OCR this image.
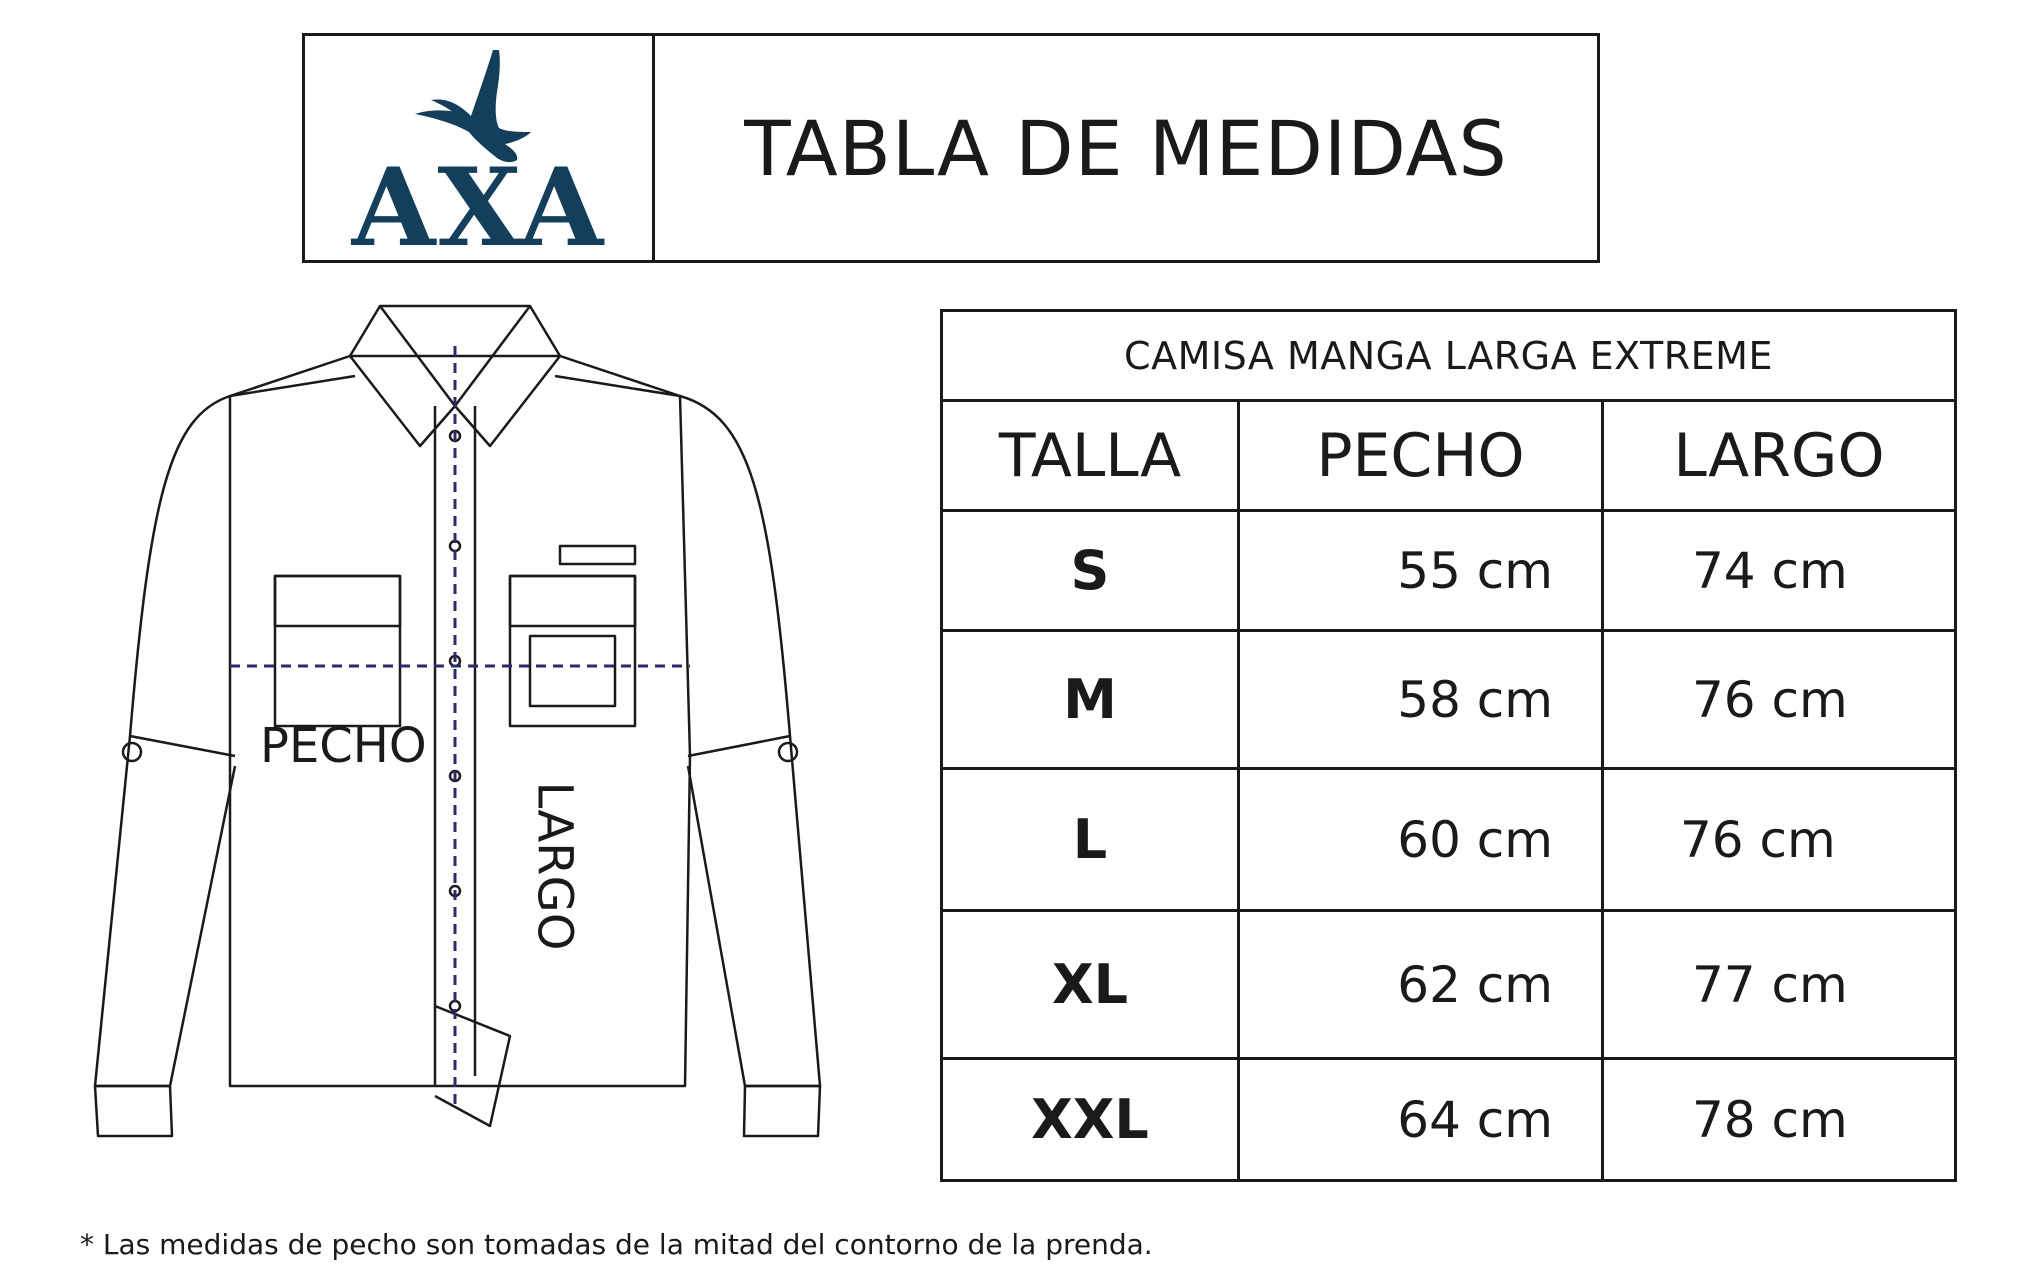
AXA	TABLA DE MEDIDAS
PECHO
LARGO
CAMISA MANGA LARGA EXTREME
TALLA	PECHO	LARGO
S	55 cm	74 cm
M	58 cm	76 cm
L	60 cm	76 cm
XL	62 cm	77 cm
XXL	64 cm	78 cm
* Las medidas de pecho son tomadas de la mitad del contorno de la prenda.
